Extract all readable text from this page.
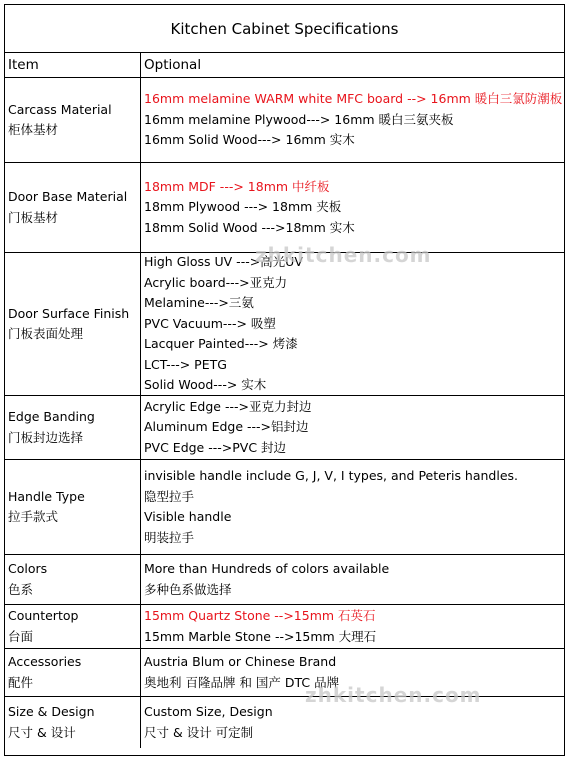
Kitchen Cabinet Specifications
Item	Optional
Carcass Material
柜体基材
16mm melamine WARM white MFC board --> 16mm 暖白三氯防潮板
16mm melamine Plywood---> 16mm 暖白三氨夹板
16mm Solid Wood---> 16mm 实木
Door Base Material
门板基材
18mm MDF ---> 18mm 中纤板
18mm Plywood ---> 18mm 夹板
18mm Solid Wood --->18mm 实木
Door Surface Finish
门板表面处理
High Gloss UV --->高光UV
Acrylic board--->亚克力
Melamine--->三氨
PVC Vacuum---> 吸塑
Lacquer Painted---> 烤漆
LCT---> PETG
Solid Wood---> 实木
Edge Banding
门板封边选择
Acrylic Edge --->亚克力封边
Aluminum Edge --->铝封边
PVC Edge --->PVC 封边
Handle Type
拉手款式
invisible handle include G, J, V, I types, and Peteris handles.
隐型拉手
Visible handle
明装拉手
Colors
色系
More than Hundreds of colors available
多种色系做选择
Countertop
台面
15mm Quartz Stone -->15mm 石英石
15mm Marble Stone -->15mm 大理石
Accessories
配件
Austria Blum or Chinese Brand
奥地利 百隆品牌 和 国产 DTC 品牌
Size & Design
尺寸 & 设计
Custom Size, Design
尺寸 & 设计 可定制
zhkitchen.com
zhkitchen.com
